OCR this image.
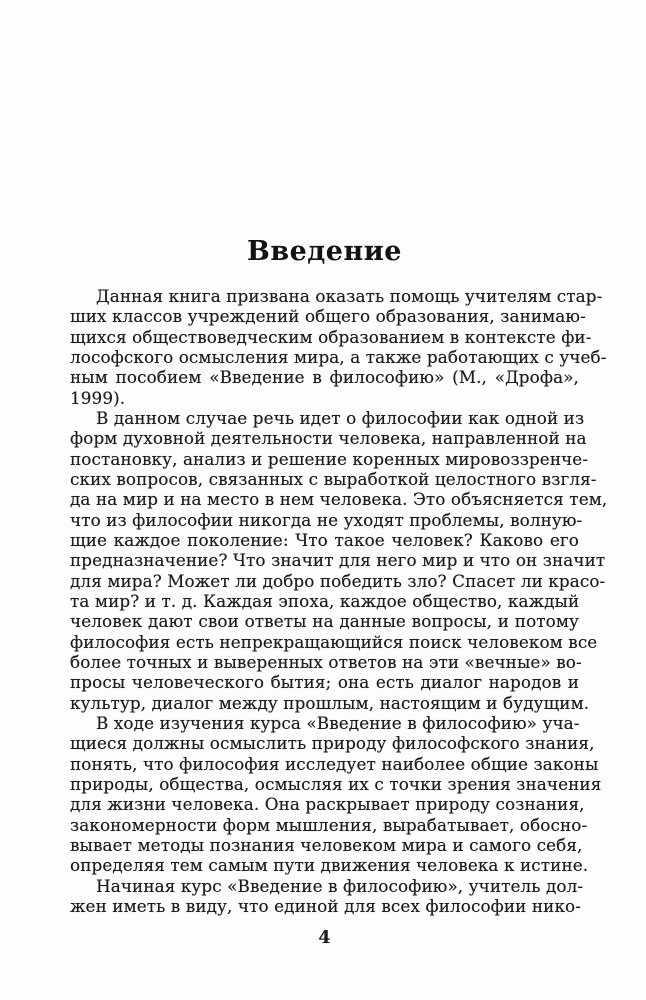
Введение

Данная книга призвана оказать помощь учителям стар-
ших классов учреждений общего образования, занимаю-
щихся обществоведческим образованием в контексте фи-
лософского осмысления мира, а также работающих с учеб-
ным пособием «Введение в философию» (М., «Дрофа»,
1999).

В данном случае речь идет о философии как одной из
форм духовной деятельности человека, направленной на
постановку, анализ и решение коренных мировоззренче-
ских вопросов, связанных с выработкой целостного взгля-
да на мир и на место в нем человека. Это объясняется тем,
что из философии никогда не уходят проблемы, волную-
щие каждое поколение: Что такое человек? Каково его
предназначение? Что значит для него мир и что он значит
для мира? Может ли добро победить зло? Спасет ли красо-
та мир? и т. д. Каждая эпоха, каждое общество, каждый
человек дают свои ответы на данные вопросы, и потому
философия есть непрекращающийся поиск человеком все
более точных и выверенных ответов на эти «вечные» во-
просы человеческого бытия; она есть диалог народов и
культур, диалог между прошлым, настоящим и будущим.

В ходе изучения курса «Введение в философию» уча-
щиеся должны осмыслить природу философского знания,
понять, что философия исследует наиболее общие законы
природы, общества, осмысляя их с точки зрения значения
для жизни человека. Она раскрывает природу сознания,
закономерности форм мышления, вырабатывает, обосно-
вывает методы познания человеком мира и самого себя,
определяя тем самым пути движения человека к истине.

Начиная курс «Введение в философию», учитель дол-
жен иметь в виду, что единой для всех философии нико-

4
